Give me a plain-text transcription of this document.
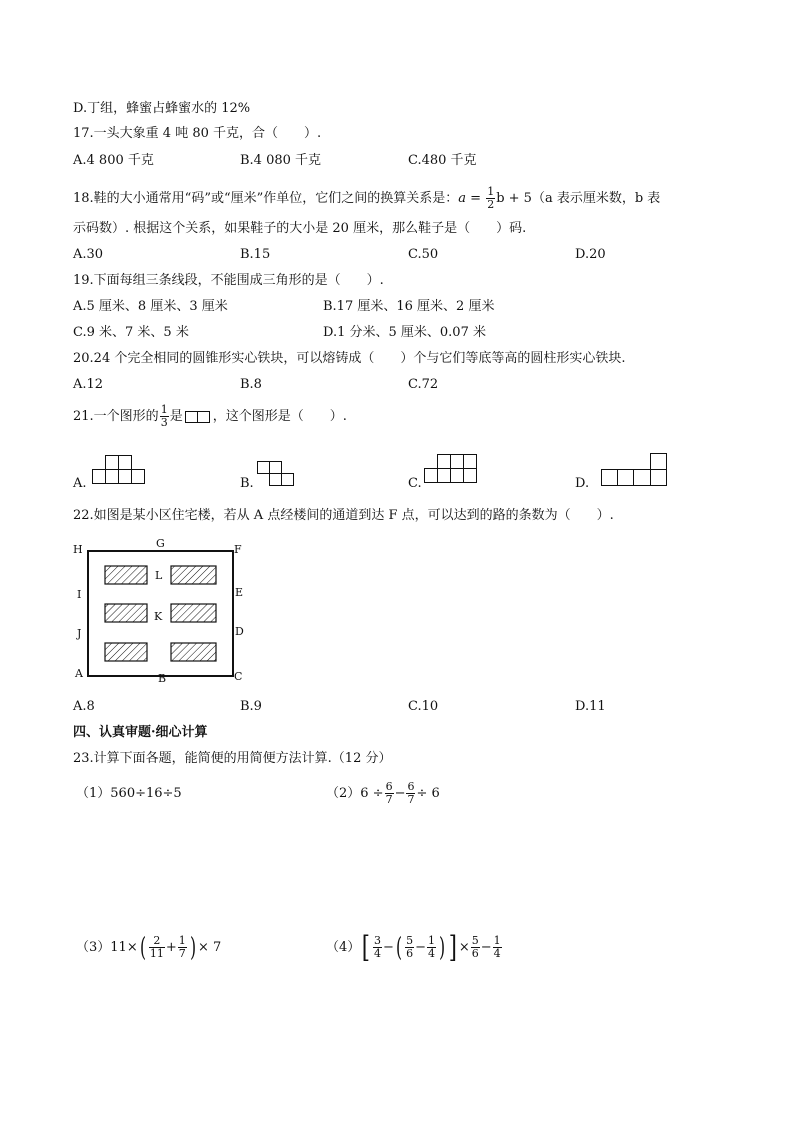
D.丁组，蜂蜜占蜂蜜水的 12%
17.一头大象重 4 吨 80 千克，合（　　）.
A.4 800 千克	B.4 080 千克	C.480 千克
18.鞋的大小通常用“码”或“厘米”作单位，它们之间的换算关系是：$a = \frac{1}{2}$ b + 5（a 表示厘米数，b 表
示码数）. 根据这个关系，如果鞋子的大小是 20 厘米，那么鞋子是（　　）码.
A.30	B.15	C.50	D.20
19.下面每组三条线段，不能围成三角形的是（　　）.
A.5 厘米、8 厘米、3 厘米	B.17 厘米、16 厘米、2 厘米
C.9 米、7 米、5 米	D.1 分米、5 厘米、0.07 米
20.24 个完全相同的圆锥形实心铁块，可以熔铸成（　　）个与它们等底等高的圆柱形实心铁块.
A.12	B.8	C.72
21.一个图形的 $\frac{1}{3}$ 是 ，这个图形是（　　）.
A.	B.	C.	D.
22.如图是某小区住宅楼，若从 A 点经楼间的通道到达 F 点，可以达到的路的条数为（　　）.
H	G	F
I	E
J	D
A	B	C
L
K
A.8	B.9	C.10	D.11
四、认真审题·细心计算
23.计算下面各题，能简便的用简便方法计算.（12 分）
（1）560÷16÷5	$(2)6 \div \frac{6}{7} - \frac{6}{7} \div 6$
$(3)11\times( \frac{2}{11} + \frac{1}{7}$ ) × 7	$(4)[ \frac{3}{4}$ −( $\frac{5}{6} - \frac{1}{4}$ ) ] × $\frac{5}{6} - \frac{1}{4}$
